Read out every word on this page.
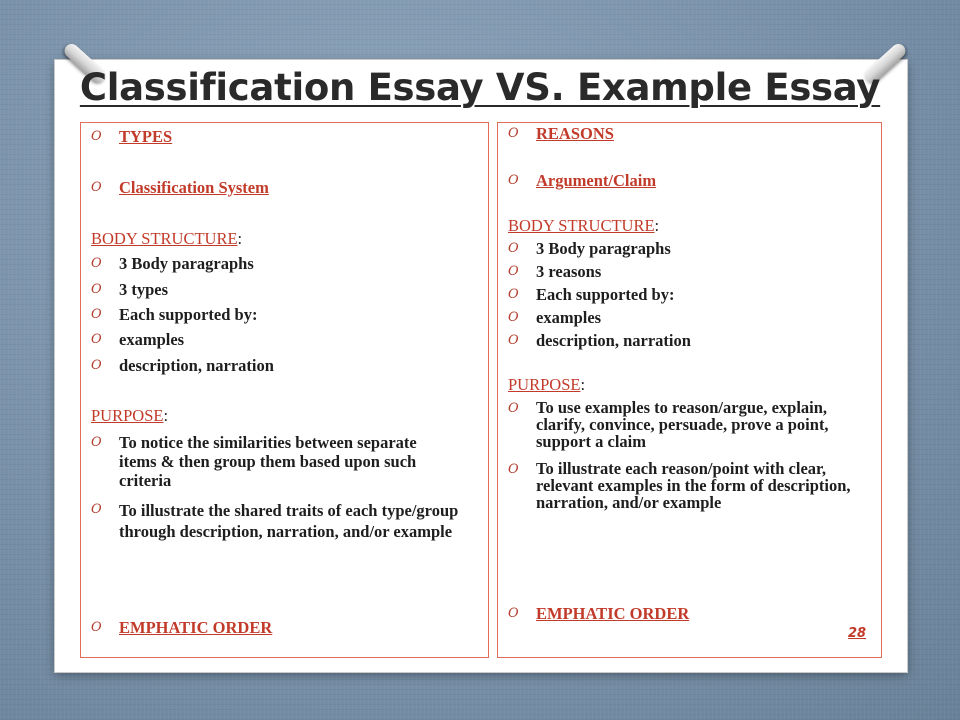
Classification Essay VS. Example Essay
O	TYPES
O	Classification System
BODY STRUCTURE:
O	3 Body paragraphs
O	3 types
O	Each supported by:
O	examples
O	description, narration
PURPOSE:
O	To notice the similarities between separate items & then group them based upon such criteria
O	To illustrate the shared traits of each type/group through description, narration, and/or example
O	EMPHATIC ORDER
O	REASONS
O	Argument/Claim
BODY STRUCTURE:
O	3 Body paragraphs
O	3 reasons
O	Each supported by:
O	examples
O	description, narration
PURPOSE:
O	To use examples to reason/argue, explain, clarify, convince, persuade, prove a point, support a claim
O	To illustrate each reason/point with clear, relevant examples in the form of description, narration, and/or example
O	EMPHATIC ORDER
28
